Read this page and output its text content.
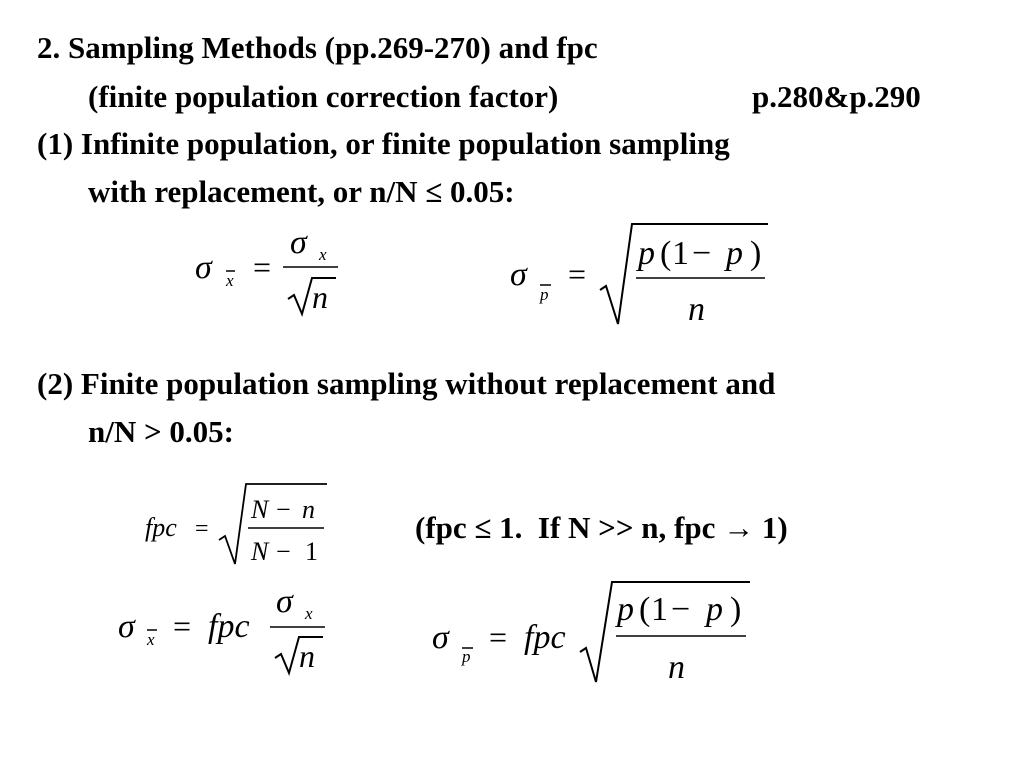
2. Sampling Methods (pp.269-270) and fpc
(finite population correction factor)	p.280&p.290
(1) Infinite population, or finite population sampling
with replacement, or n/N ≤ 0.05:
(2) Finite population sampling without replacement and
n/N > 0.05:
(fpc ≤ 1.  If N >> n, fpc → 1)
σ x =
σ x
n
σ
p
=
p ( 1 − p )
n
fpc =
N − n
N − 1
σ x = fpc
σ x
n	σ
p
= fpc
p ( 1 − p )
n
